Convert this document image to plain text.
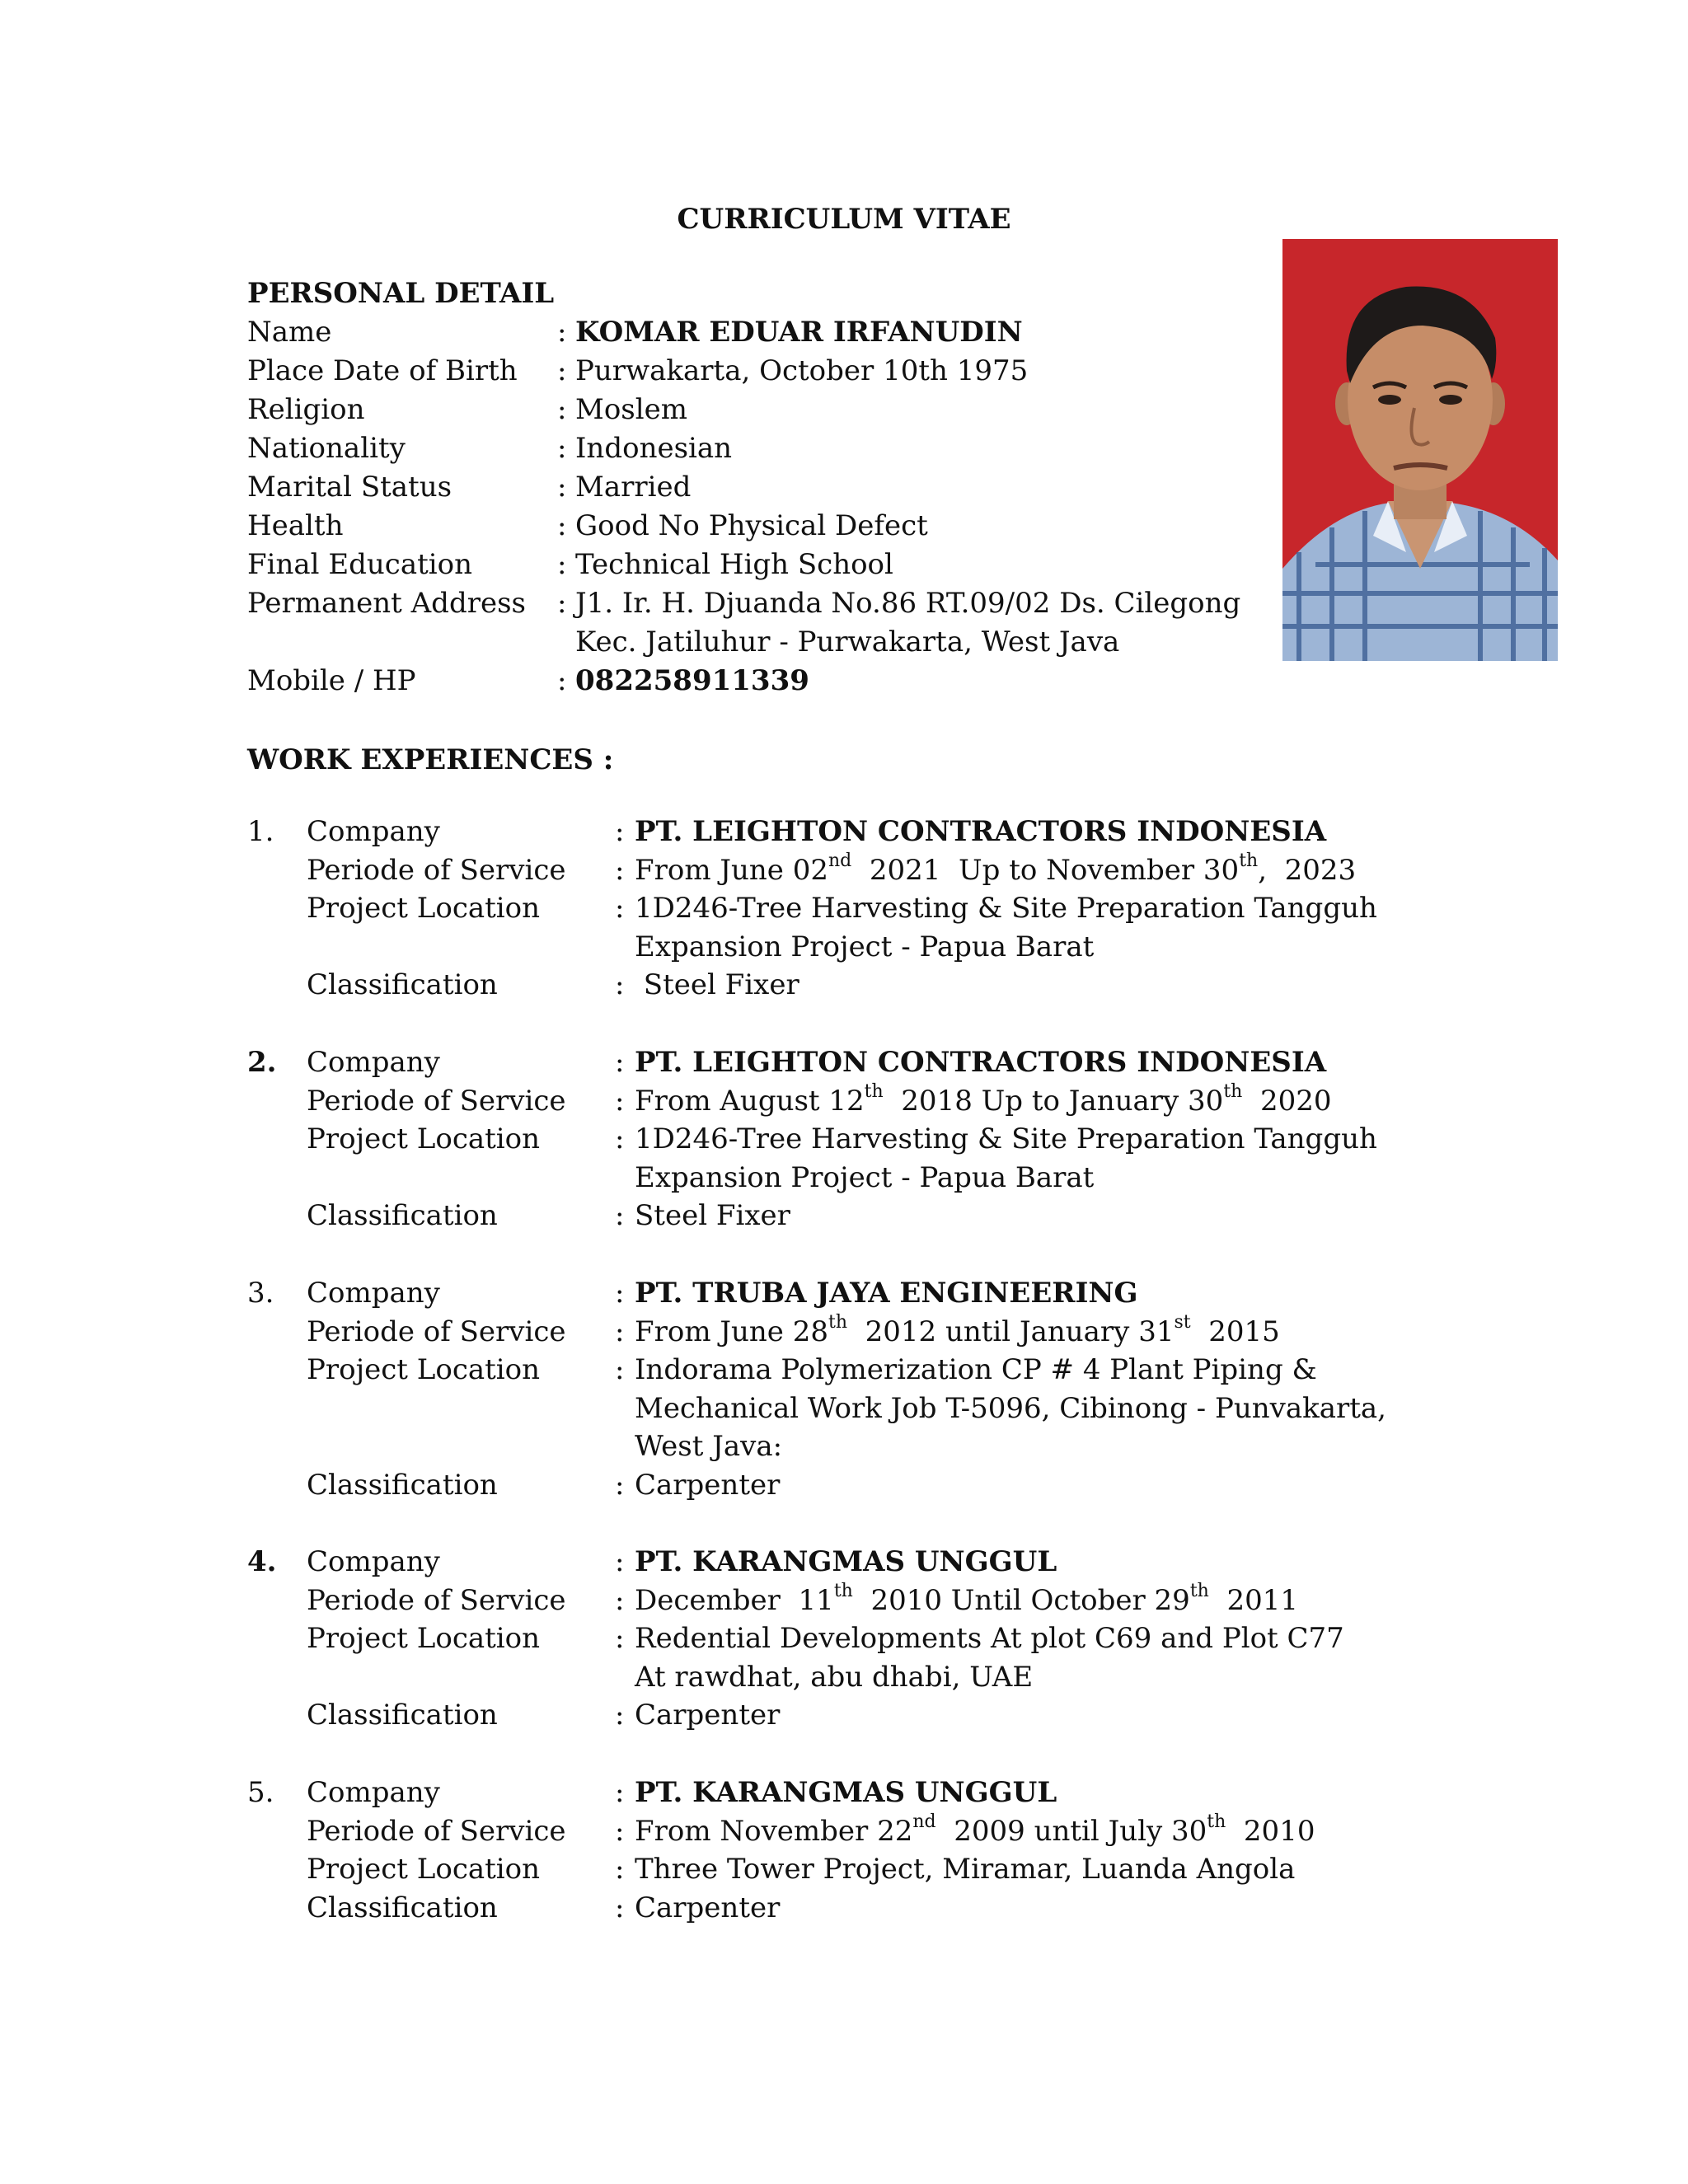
CURRICULUM VITAE
PERSONAL DETAIL
Name	: KOMAR EDUAR IRFANUDIN
Place Date of Birth : Purwakarta, October 10th 1975
Religion	: Moslem
Nationality	: Indonesian
Marital Status	: Married
Health	: Good No Physical Defect
Final Education	: Technical High School
Permanent Address : J1. Ir. H. Djuanda No.86 RT.09/02 Ds. Cilegong
Kec. Jatiluhur - Purwakarta, West Java
Mobile / HP	: 082258911339
WORK EXPERIENCES :
1. Company	: PT. LEIGHTON CONTRACTORS INDONESIA
Periode of Service : From June 02nd  2021  Up to November 30th,  2023
Project Location	: 1D246-Tree Harvesting & Site Preparation Tangguh
Expansion Project - Papua Barat
Classification	: Steel Fixer
2. Company	: PT. LEIGHTON CONTRACTORS INDONESIA
Periode of Service : From August 12th  2018 Up to January 30th  2020
Project Location	: 1D246-Tree Harvesting & Site Preparation Tangguh
Expansion Project - Papua Barat
Classification	: Steel Fixer
3. Company	: PT. TRUBA JAYA ENGINEERING
Periode of Service : From June 28th  2012 until January 31st  2015
Project Location	: Indorama Polymerization CP # 4 Plant Piping &
Mechanical Work Job T-5096, Cibinong - Punvakarta,
West Java:
Classification	: Carpenter
4. Company	: PT. KARANGMAS UNGGUL
Periode of Service : December  11th  2010 Until October 29th  2011
Project Location	: Redential Developments At plot C69 and Plot C77
At rawdhat, abu dhabi, UAE
Classification	: Carpenter
5. Company	: PT. KARANGMAS UNGGUL
Periode of Service : From November 22nd  2009 until July 30th  2010
Project Location	: Three Tower Project, Miramar, Luanda Angola
Classification	: Carpenter
